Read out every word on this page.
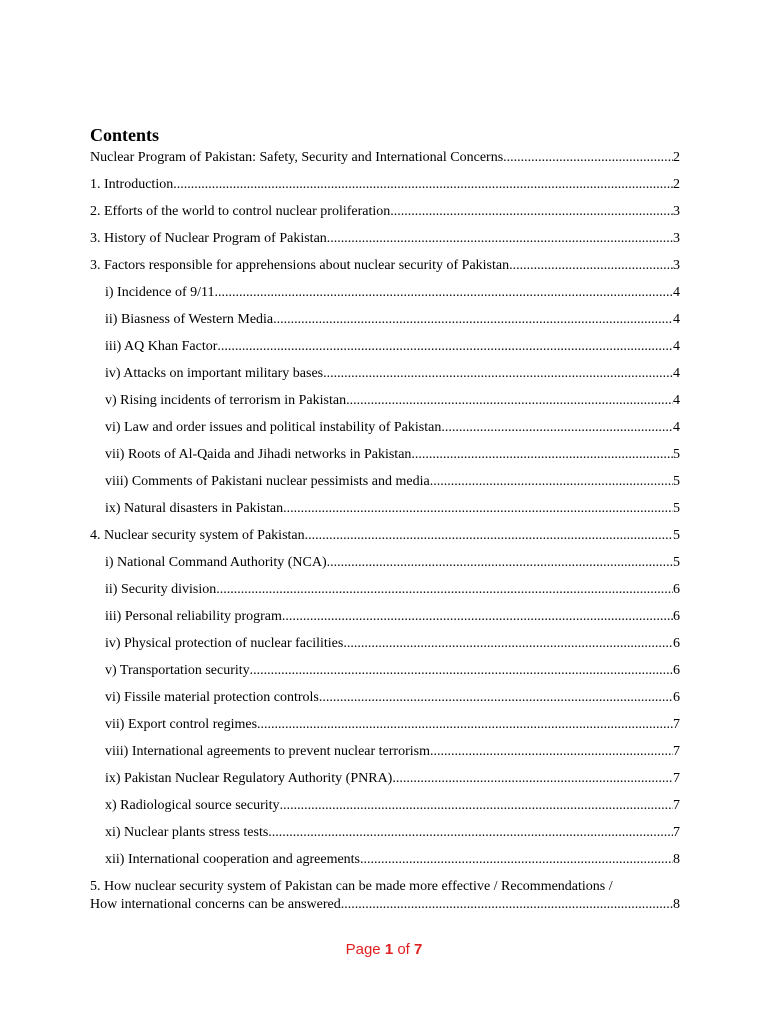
Contents
Nuclear Program of Pakistan: Safety, Security and International Concerns .....	2
1. Introduction .....	2
2. Efforts of the world to control nuclear proliferation .....	3
3. History of Nuclear Program of Pakistan .....	3
3. Factors responsible for apprehensions about nuclear security of Pakistan .....	3
i) Incidence of 9/11 .....	4
ii) Biasness of Western Media .....	4
iii) AQ Khan Factor .....	4
iv) Attacks on important military bases .....	4
v) Rising incidents of terrorism in Pakistan .....	4
vi) Law and order issues and political instability of Pakistan .....	4
vii) Roots of Al-Qaida and Jihadi networks in Pakistan .....	5
viii) Comments of Pakistani nuclear pessimists and media .....	5
ix) Natural disasters in Pakistan .....	5
4. Nuclear security system of Pakistan .....	5
i) National Command Authority (NCA) .....	5
ii) Security division .....	6
iii) Personal reliability program .....	6
iv) Physical protection of nuclear facilities .....	6
v) Transportation security .....	6
vi) Fissile material protection controls .....	6
vii) Export control regimes .....	7
viii) International agreements to prevent nuclear terrorism .....	7
ix) Pakistan Nuclear Regulatory Authority (PNRA) .....	7
x) Radiological source security .....	7
xi) Nuclear plants stress tests .....	7
xii) International cooperation and agreements .....	8
5. How nuclear security system of Pakistan can be made more effective / Recommendations /
How international concerns can be answered .....	8
Page 1 of 7
